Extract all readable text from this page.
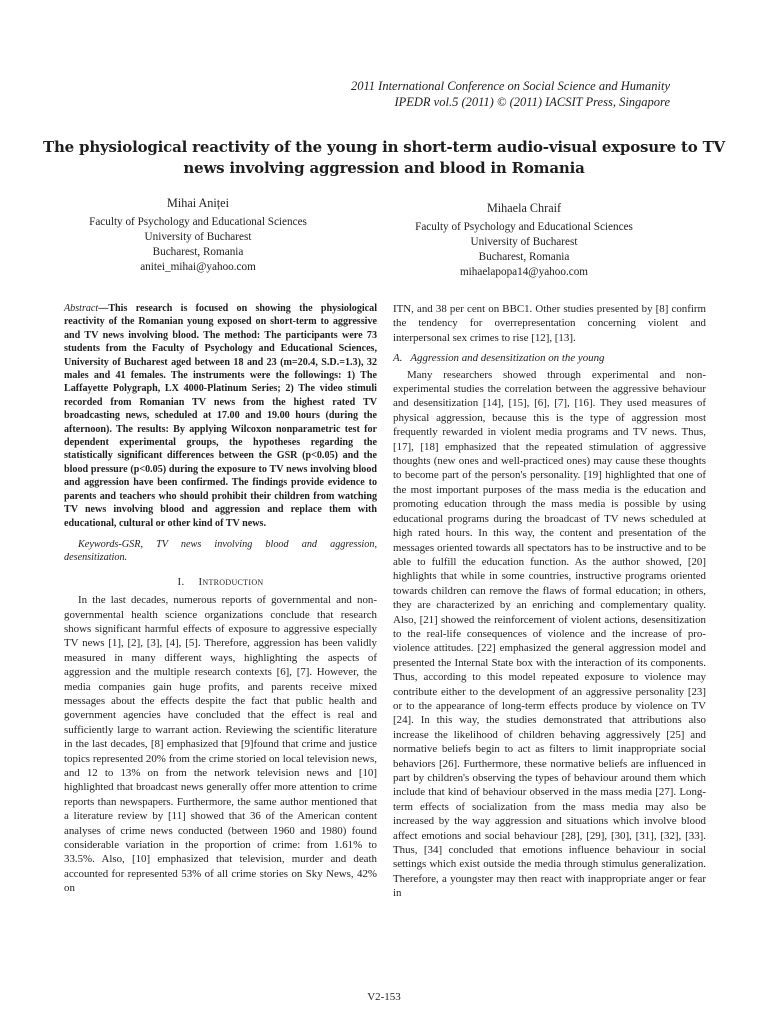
2011 International Conference on Social Science and Humanity
IPEDR vol.5 (2011) © (2011) IACSIT Press, Singapore
The physiological reactivity of the young in short-term audio-visual exposure to TV news involving aggression and blood in Romania
Mihai Aniței
Faculty of Psychology and Educational Sciences
University of Bucharest
Bucharest, Romania
anitei_mihai@yahoo.com
Mihaela Chraif
Faculty of Psychology and Educational Sciences
University of Bucharest
Bucharest, Romania
mihaelapopa14@yahoo.com

Abstract—This research is focused on showing the physiological reactivity of the Romanian young exposed on short-term to aggressive and TV news involving blood. The method: The participants were 73 students from the Faculty of Psychology and Educational Sciences, University of Bucharest aged between 18 and 23 (m=20.4, S.D.=1.3), 32 males and 41 females. The instruments were the followings: 1) The Laffayette Polygraph, LX 4000-Platinum Series; 2) The video stimuli recorded from Romanian TV news from the highest rated TV broadcasting news, scheduled at 17.00 and 19.00 hours (during the afternoon). The results: By applying Wilcoxon nonparametric test for dependent experimental groups, the hypotheses regarding the statistically significant differences between the GSR (p<0.05) and the blood pressure (p<0.05) during the exposure to TV news involving blood and aggression have been confirmed. The findings provide evidence to parents and teachers who should prohibit their children from watching TV news involving blood and aggression and replace them with educational, cultural or other kind of TV news.

Keywords-GSR, TV news involving blood and aggression, desensitization.

I. Introduction

In the last decades, numerous reports of governmental and non-governmental health science organizations conclude that research shows significant harmful effects of exposure to aggressive especially TV news [1], [2], [3], [4], [5]. Therefore, aggression has been validly measured in many different ways, highlighting the aspects of aggression and the multiple research contexts [6], [7]. However, the media companies gain huge profits, and parents receive mixed messages about the effects despite the fact that public health and government agencies have concluded that the effect is real and sufficiently large to warrant action. Reviewing the scientific literature in the last decades, [8] emphasized that [9]found that crime and justice topics represented 20% from the crime storied on local television news, and 12 to 13% on from the network television news and [10] highlighted that broadcast news generally offer more attention to crime reports than newspapers. Furthermore, the same author mentioned that a literature review by [11] showed that 36 of the American content analyses of crime news conducted (between 1960 and 1980) found considerable variation in the proportion of crime: from 1.61% to 33.5%. Also, [10] emphasized that television, murder and death accounted for represented 53% of all crime stories on Sky News, 42% on

ITN, and 38 per cent on BBC1. Other studies presented by [8] confirm the tendency for overrepresentation concerning violent and interpersonal sex crimes to rise [12], [13].

A. Aggression and desensitization on the young

Many researchers showed through experimental and non-experimental studies the correlation between the aggressive behaviour and desensitization [14], [15], [6], [7], [16]. They used measures of physical aggression, because this is the type of aggression most frequently rewarded in violent media programs and TV news. Thus, [17], [18] emphasized that the repeated stimulation of aggressive thoughts (new ones and well-practiced ones) may cause these thoughts to become part of the person's personality. [19] highlighted that one of the most important purposes of the mass media is the education and promoting education through the mass media is possible by using educational programs during the broadcast of TV news scheduled at high rated hours. In this way, the content and presentation of the messages oriented towards all spectators has to be instructive and to be able to fulfill the education function. As the author showed, [20] highlights that while in some countries, instructive programs oriented towards children can remove the flaws of formal education; in others, they are characterized by an enriching and complementary quality. Also, [21] showed the reinforcement of violent actions, desensitization to the real-life consequences of violence and the increase of pro-violence attitudes. [22] emphasized the general aggression model and presented the Internal State box with the interaction of its components. Thus, according to this model repeated exposure to violence may contribute either to the development of an aggressive personality [23] or to the appearance of long-term effects produce by violence on TV [24]. In this way, the studies demonstrated that attributions also increase the likelihood of children behaving aggressively [25] and normative beliefs begin to act as filters to limit inappropriate social behaviors [26]. Furthermore, these normative beliefs are influenced in part by children's observing the types of behaviour around them which include that kind of behaviour observed in the mass media [27]. Long-term effects of socialization from the mass media may also be increased by the way aggression and situations which involve blood affect emotions and social behaviour [28], [29], [30], [31], [32], [33]. Thus, [34] concluded that emotions influence behaviour in social settings which exist outside the media through stimulus generalization. Therefore, a youngster may then react with inappropriate anger or fear in

V2-153
